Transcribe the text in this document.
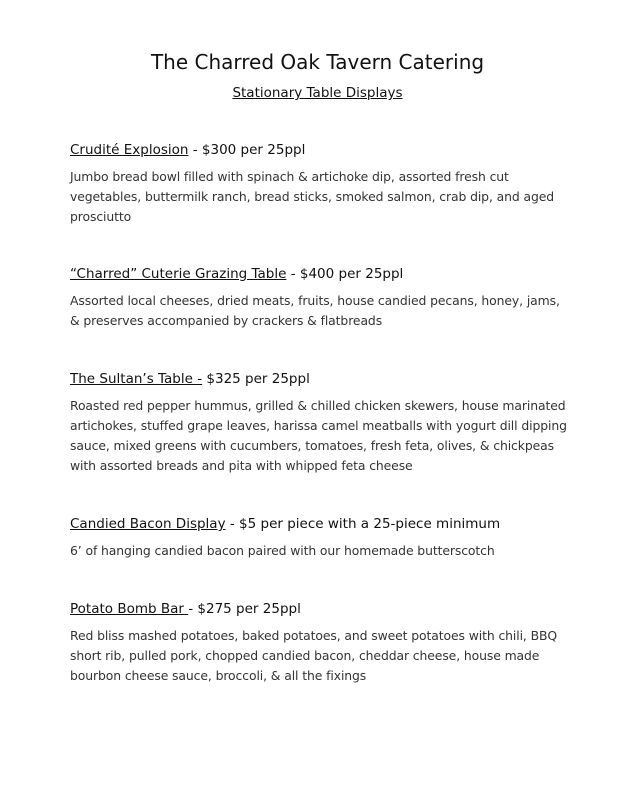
The Charred Oak Tavern Catering
Stationary Table Displays
Crudité Explosion - $300 per 25ppl
Jumbo bread bowl filled with spinach & artichoke dip, assorted fresh cut vegetables, buttermilk ranch, bread sticks, smoked salmon, crab dip, and aged prosciutto
“Charred” Cuterie Grazing Table - $400 per 25ppl
Assorted local cheeses, dried meats, fruits, house candied pecans, honey, jams, & preserves accompanied by crackers & flatbreads
The Sultan’s Table - $325 per 25ppl
Roasted red pepper hummus, grilled & chilled chicken skewers, house marinated artichokes, stuffed grape leaves, harissa camel meatballs with yogurt dill dipping sauce, mixed greens with cucumbers, tomatoes, fresh feta, olives, & chickpeas with assorted breads and pita with whipped feta cheese
Candied Bacon Display - $5 per piece with a 25-piece minimum
6’ of hanging candied bacon paired with our homemade butterscotch
Potato Bomb Bar - $275 per 25ppl
Red bliss mashed potatoes, baked potatoes, and sweet potatoes with chili, BBQ short rib, pulled pork, chopped candied bacon, cheddar cheese, house made bourbon cheese sauce, broccoli, & all the fixings
